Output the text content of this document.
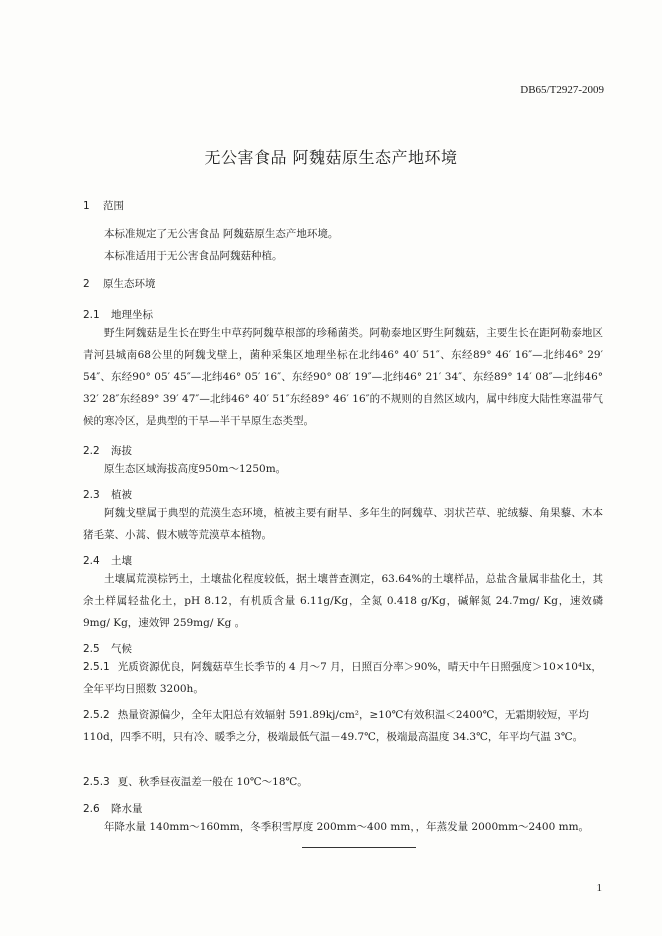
DB65/T2927-2009
无公害食品 阿魏菇原生态产地环境
1 范围
本标准规定了无公害食品 阿魏菇原生态产地环境。
本标准适用于无公害食品阿魏菇种植。
2 原生态环境
2.1 地理坐标
野生阿魏菇是生长在野生中草药阿魏草根部的珍稀菌类。阿勒泰地区野生阿魏菇，主要生长在距阿勒泰地区青河县城南68公里的阿魏戈壁上，菌种采集区地理坐标在北纬46° 40′ 51″、东经89° 46′ 16″—北纬46° 29′ 54″、东经90° 05′ 45″—北纬46° 05′ 16″、东经90° 08′ 19″—北纬46° 21′ 34″、东经89° 14′ 08″—北纬46° 32′ 28″东经89° 39′ 47″—北纬46° 40′ 51″东经89° 46′ 16″的不规则的自然区域内，属中纬度大陆性寒温带气候的寒冷区，是典型的干旱—半干旱原生态类型。
2.2 海拔
原生态区域海拔高度950m～1250m。
2.3 植被
阿魏戈壁属于典型的荒漠生态环境，植被主要有耐旱、多年生的阿魏草、羽状芒草、驼绒藜、角果藜、木本猪毛菜、小蒿、假木贼等荒漠草本植物。
2.4 土壤
土壤属荒漠棕钙土，土壤盐化程度较低，据土壤普查测定，63.64%的土壤样品，总盐含量属非盐化土，其余土样属轻盐化土，pH 8.12，有机质含量 6.11g/Kg，全氮 0.418 g/Kg，碱解氮 24.7mg/ Kg，速效磷 9mg/ Kg，速效钾 259mg/ Kg 。
2.5 气候
2.5.1 光质资源优良，阿魏菇草生长季节的 4 月～7 月，日照百分率＞90%，晴天中午日照强度＞10×10⁴lx，全年平均日照数 3200h。
2.5.2 热量资源偏少，全年太阳总有效辐射 591.89kj/cm²，≥10℃有效积温＜2400℃，无霜期较短，平均 110d，四季不明，只有冷、暖季之分，极端最低气温－49.7℃，极端最高温度 34.3℃，年平均气温 3℃。
2.5.3 夏、秋季昼夜温差一般在 10℃～18℃。
2.6 降水量
年降水量 140mm～160mm，冬季积雪厚度 200mm～400 mm，，年蒸发量 2000mm～2400 mm。
1
